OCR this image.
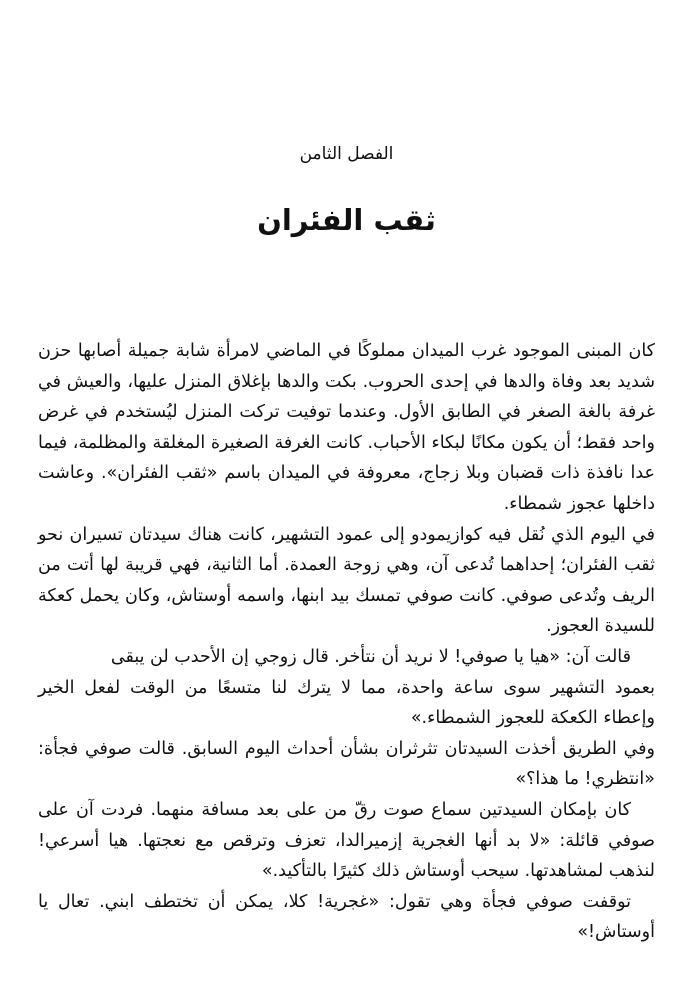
الفصل الثامن
ثقب الفئران

كان المبنى الموجود غرب الميدان مملوكًا في الماضي لامرأة شابة جميلة أصابها حزن شديد بعد وفاة والدها في إحدى الحروب. بكت والدها بإغلاق المنزل عليها، والعيش في غرفة بالغة الصغر في الطابق الأول. وعندما توفيت تركت المنزل ليُستخدم في غرض واحد فقط؛ أن يكون مكانًا لبكاء الأحباب. كانت الغرفة الصغيرة المغلقة والمظلمة، فيما عدا نافذة ذات قضبان وبلا زجاج، معروفة في الميدان باسم «ثقب الفئران». وعاشت داخلها عجوز شمطاء.

في اليوم الذي نُقل فيه كوازيمودو إلى عمود التشهير، كانت هناك سيدتان تسيران نحو ثقب الفئران؛ إحداهما تُدعى آن، وهي زوجة العمدة. أما الثانية، فهي قريبة لها أتت من الريف وتُدعى صوفي. كانت صوفي تمسك بيد ابنها، واسمه أوستاش، وكان يحمل كعكة للسيدة العجوز.

قالت آن: «هيا يا صوفي! لا نريد أن نتأخر. قال زوجي إن الأحدب لن يبقى

بعمود التشهير سوى ساعة واحدة، مما لا يترك لنا متسعًا من الوقت لفعل الخير وإعطاء الكعكة للعجوز الشمطاء.»

وفي الطريق أخذت السيدتان تثرثران بشأن أحداث اليوم السابق. قالت صوفي فجأة: «انتظري! ما هذا؟»

كان بإمكان السيدتين سماع صوت رقّ من على بعد مسافة منهما. فردت آن على صوفي قائلة: «لا بد أنها الغجرية إزميرالدا، تعزف وترقص مع نعجتها. هيا أسرعي! لنذهب لمشاهدتها. سيحب أوستاش ذلك كثيرًا بالتأكيد.»

توقفت صوفي فجأة وهي تقول: «غجرية! كلا، يمكن أن تختطف ابني. تعال يا أوستاش!»
